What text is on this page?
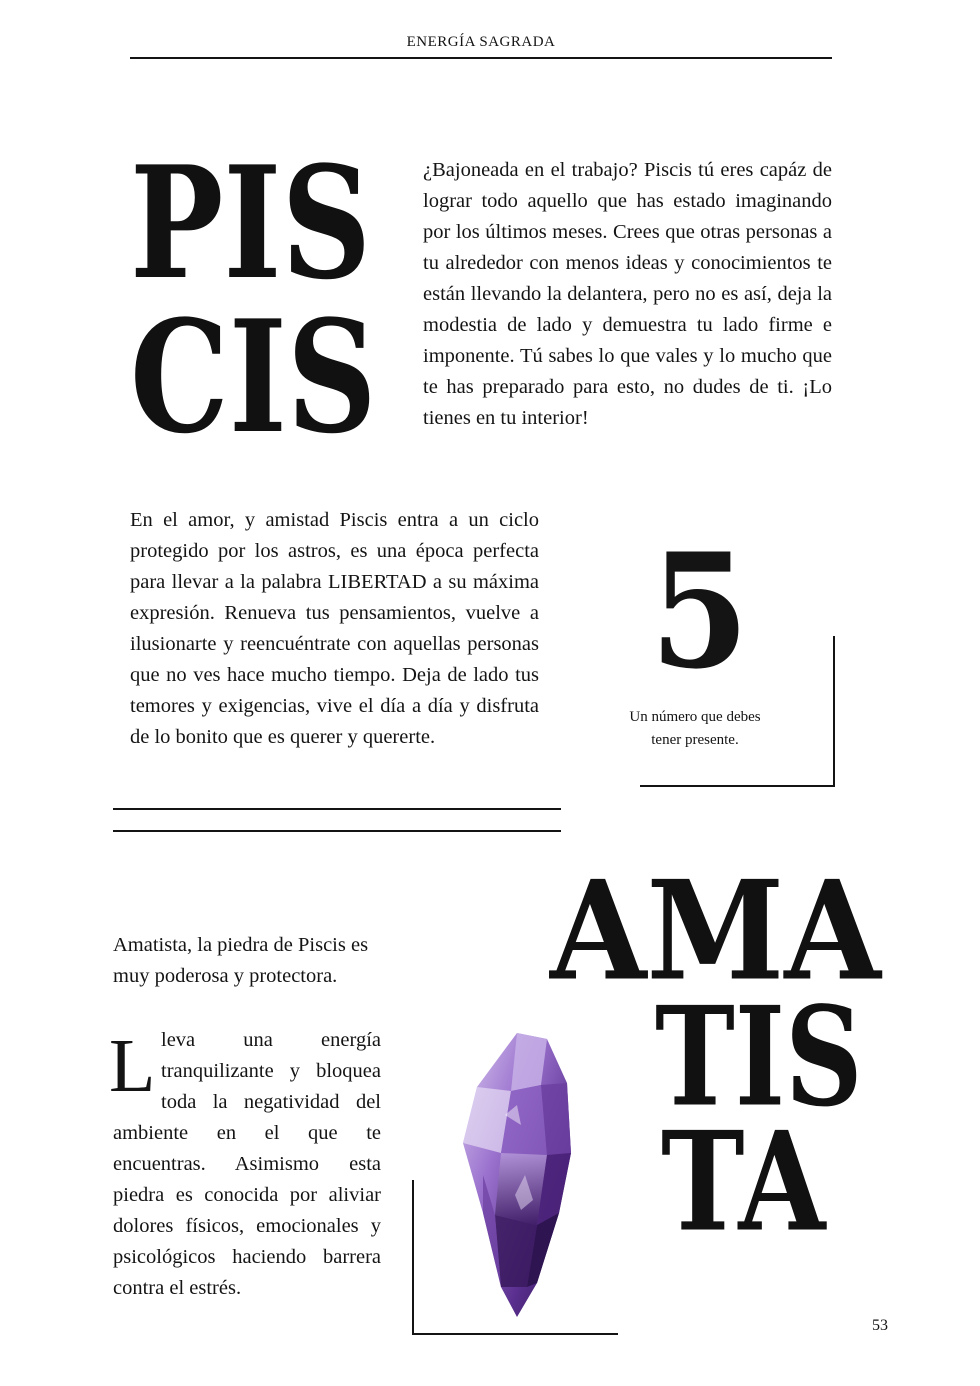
ENERGÍA SAGRADA
PIS
CIS
¿Bajoneada en el trabajo? Piscis tú eres capáz de lograr todo aquello que has estado imaginando por los últimos meses. Crees que otras personas a tu alrededor con menos ideas y conocimientos te están llevando la delantera, pero no es así, deja la modestia de lado y demuestra tu lado firme e imponente. Tú sabes lo que vales y lo mucho que te has preparado para esto, no dudes de ti. ¡Lo tienes en tu interior!
En el amor, y amistad Piscis entra a un ciclo protegido por los astros, es una época perfecta para llevar a la palabra LIBERTAD a su máxima expresión. Renueva tus pensamientos, vuelve a ilusionarte y reencuéntrate con aquellas personas que no ves hace mucho tiempo. Deja de lado tus temores y exigencias, vive el día a día y disfruta de lo bonito que es querer y quererte.
5
Un número que debes
tener presente.
AMA
TIS
TA
Amatista, la piedra de Piscis es muy poderosa y protectora.
L leva una energía tranquilizante y bloquea toda la negatividad del ambiente en el que te encuentras. Asimismo esta piedra es conocida por aliviar dolores físicos, emocionales y psicológicos haciendo barrera contra el estrés.
53
